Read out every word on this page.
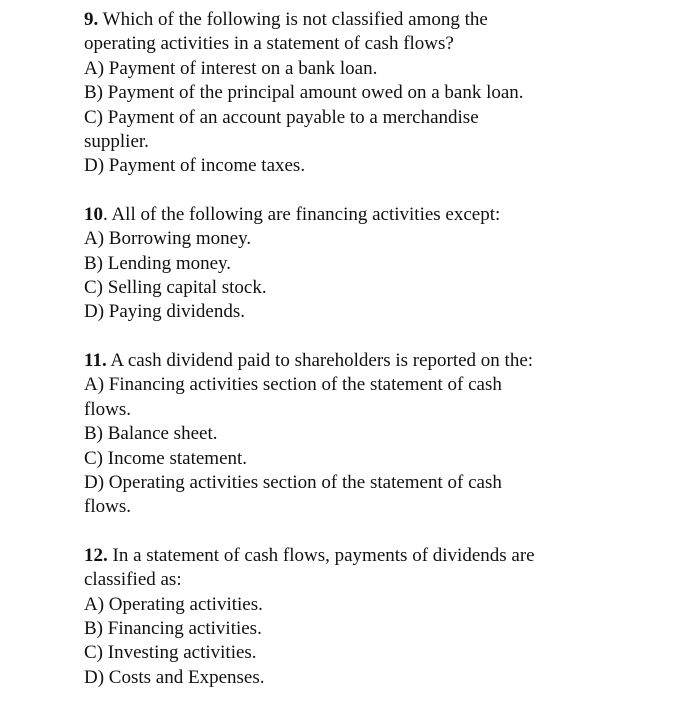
9. Which of the following is not classified among the
operating activities in a statement of cash flows?
A) Payment of interest on a bank loan.
B) Payment of the principal amount owed on a bank loan.
C) Payment of an account payable to a merchandise
supplier.
D) Payment of income taxes.
10. All of the following are financing activities except:
A) Borrowing money.
B) Lending money.
C) Selling capital stock.
D) Paying dividends.
11. A cash dividend paid to shareholders is reported on the:
A) Financing activities section of the statement of cash
flows.
B) Balance sheet.
C) Income statement.
D) Operating activities section of the statement of cash
flows.
12. In a statement of cash flows, payments of dividends are
classified as:
A) Operating activities.
B) Financing activities.
C) Investing activities.
D) Costs and Expenses.
